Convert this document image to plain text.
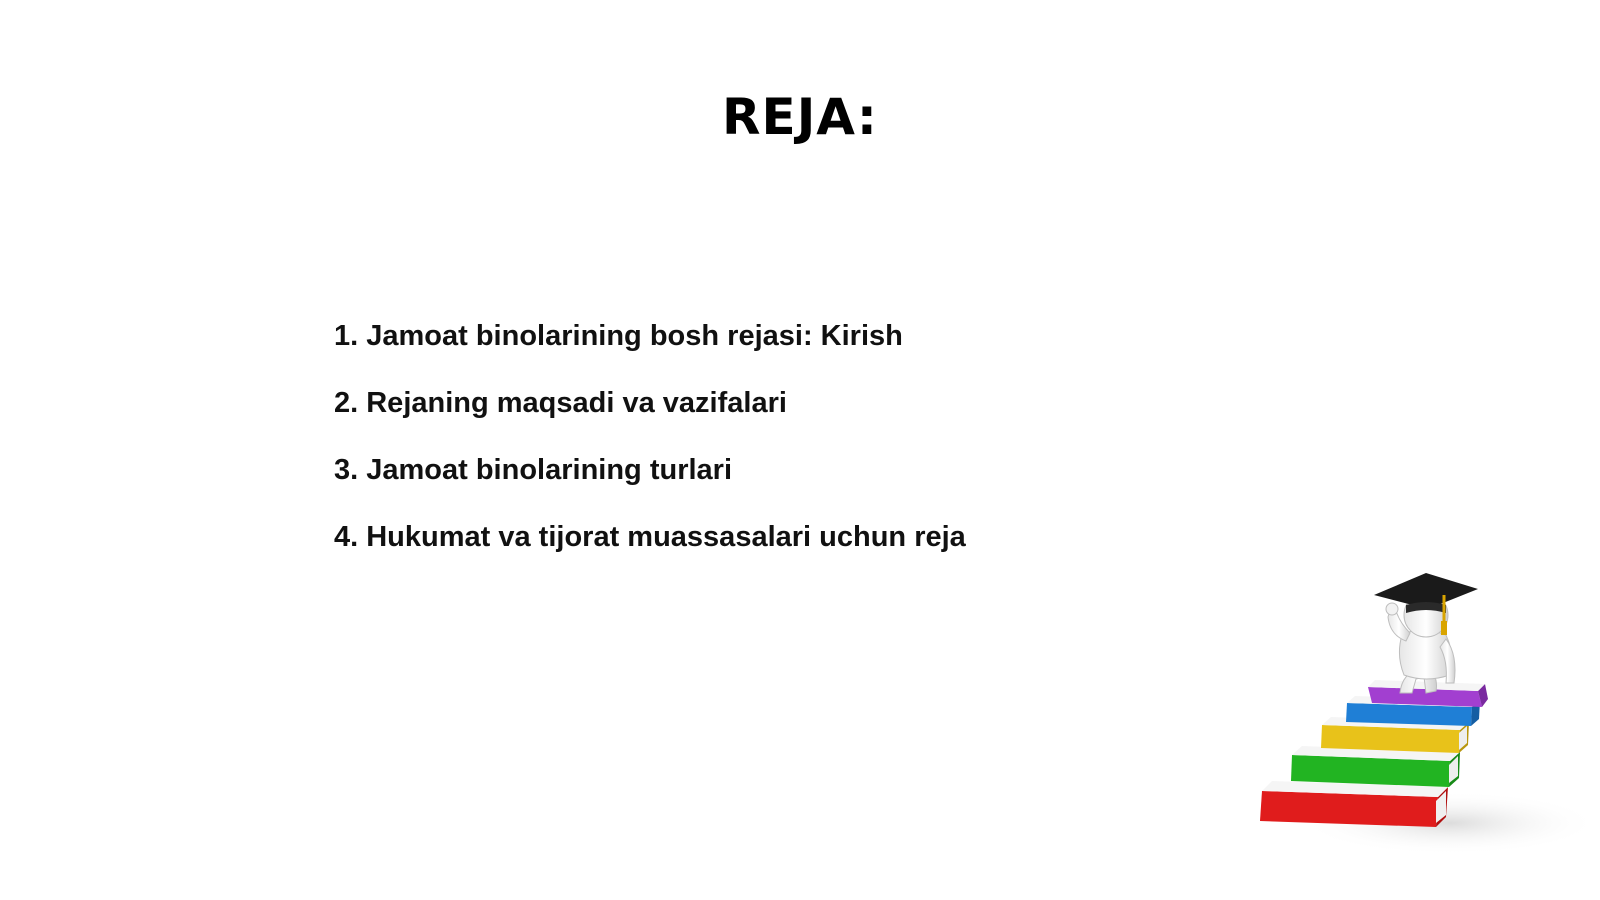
REJA:
1. Jamoat binolarining bosh rejasi: Kirish
2. Rejaning maqsadi va vazifalari
3. Jamoat binolarining turlari
4. Hukumat va tijorat muassasalari uchun reja
